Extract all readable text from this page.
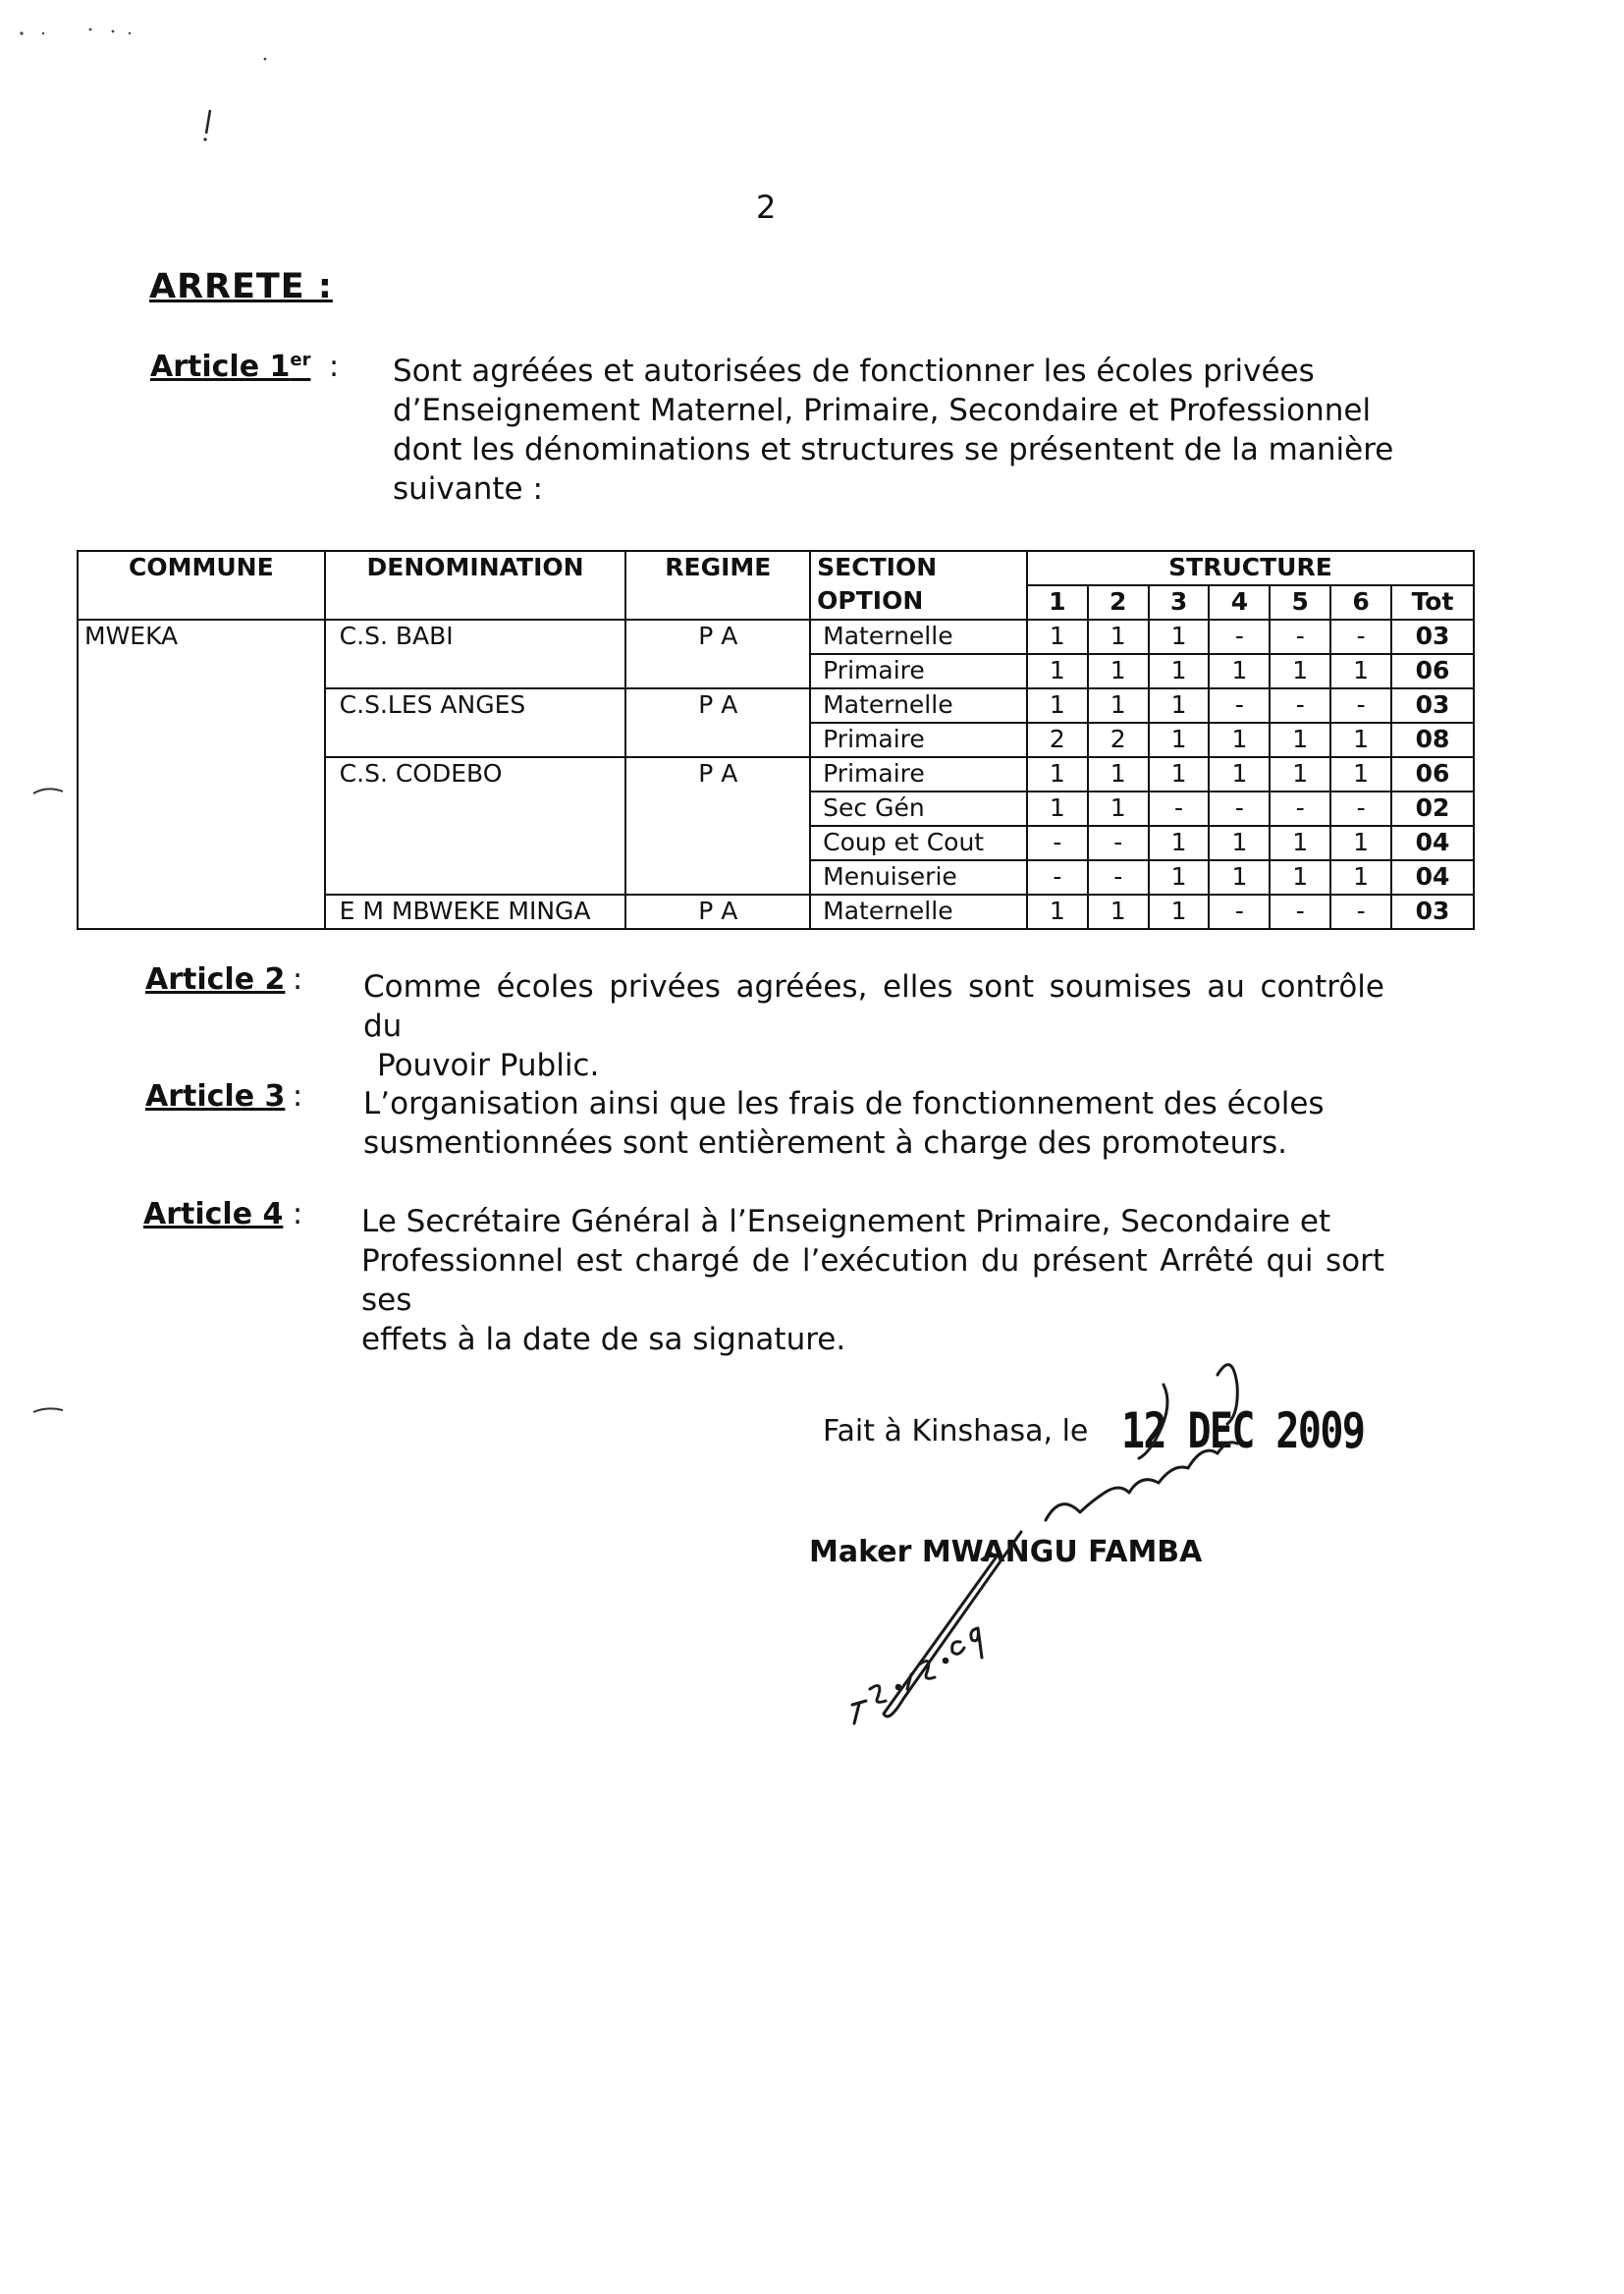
2
ARRETE :
Article 1er : Sont agréées et autorisées de fonctionner les écoles privées
d’Enseignement Maternel, Primaire, Secondaire et Professionnel
dont les dénominations et structures se présentent de la manière
suivante :
COMMUNE	DENOMINATION	REGIME	SECTION	STRUCTURE						
			OPTION	1	2	3	4	5	6	Tot
MWEKA	C.S. BABI	P A	Maternelle	1	1	1	-	-	-	03
			Primaire	1	1	1	1	1	1	06
	C.S.LES ANGES	P A	Maternelle	1	1	1	-	-	-	03
			Primaire	2	2	1	1	1	1	08
	C.S. CODEBO	P A	Primaire	1	1	1	1	1	1	06
			Sec Gén	1	1	-	-	-	-	02
			Coup et Cout	-	-	1	1	1	1	04
			Menuiserie	-	-	1	1	1	1	04
	E M MBWEKE MINGA	P A	Maternelle	1	1	1	-	-	-	03
Article 2 : Comme écoles privées agréées, elles sont soumises au contrôle du
Pouvoir Public.
Article 3 : L’organisation ainsi que les frais de fonctionnement des écoles
susmentionnées sont entièrement à charge des promoteurs.
Article 4 : Le Secrétaire Général à l’Enseignement Primaire, Secondaire et
Professionnel est chargé de l’exécution du présent Arrêté qui sort ses
effets à la date de sa signature.
Fait à Kinshasa, le 12 DEC 2009
Maker MWANGU FAMBA
